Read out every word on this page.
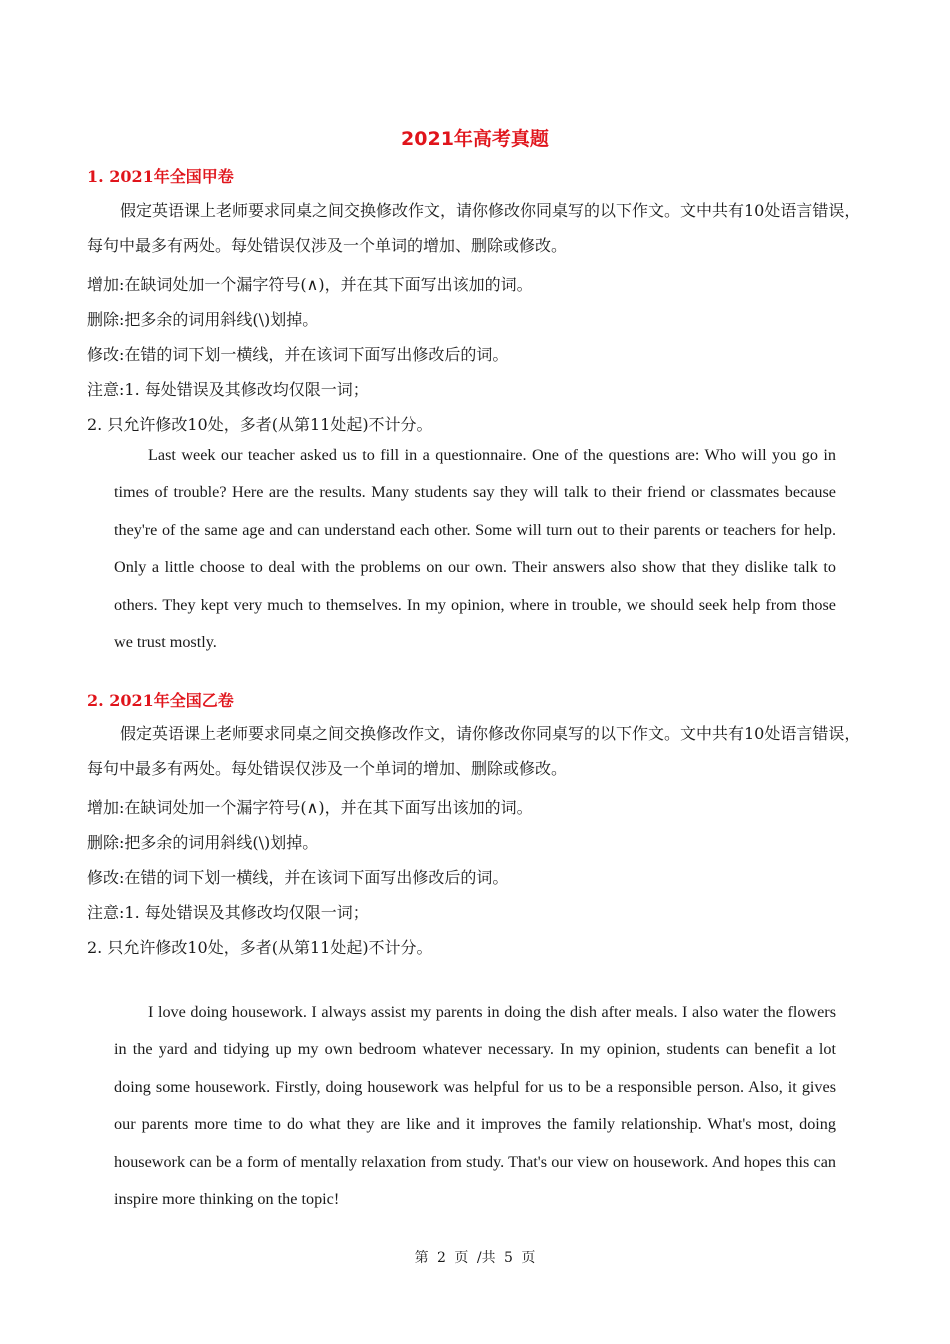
2021年高考真题
1. 2021年全国甲卷
假定英语课上老师要求同桌之间交换修改作文，请你修改你同桌写的以下作文。文中共有10处语言错误，每句中最多有两处。每处错误仅涉及一个单词的增加、删除或修改。
增加:在缺词处加一个漏字符号(∧)，并在其下面写出该加的词。
删除:把多余的词用斜线(\)划掉。
修改:在错的词下划一横线，并在该词下面写出修改后的词。
注意:1. 每处错误及其修改均仅限一词；
2. 只允许修改10处，多者(从第11处起)不计分。
Last week our teacher asked us to fill in a questionnaire. One of the questions are: Who will you go in times of trouble? Here are the results. Many students say they will talk to their friend or classmates because they're of the same age and can understand each other. Some will turn out to their parents or teachers for help. Only a little choose to deal with the problems on our own. Their answers also show that they dislike talk to others. They kept very much to themselves. In my opinion, where in trouble, we should seek help from those we trust mostly.
2. 2021年全国乙卷
假定英语课上老师要求同桌之间交换修改作文，请你修改你同桌写的以下作文。文中共有10处语言错误，每句中最多有两处。每处错误仅涉及一个单词的增加、删除或修改。
增加:在缺词处加一个漏字符号(∧)，并在其下面写出该加的词。
删除:把多余的词用斜线(\)划掉。
修改:在错的词下划一横线，并在该词下面写出修改后的词。
注意:1. 每处错误及其修改均仅限一词；
2. 只允许修改10处，多者(从第11处起)不计分。
I love doing housework. I always assist my parents in doing the dish after meals. I also water the flowers in the yard and tidying up my own bedroom whatever necessary. In my opinion, students can benefit a lot doing some housework. Firstly, doing housework was helpful for us to be a responsible person. Also, it gives our parents more time to do what they are like and it improves the family relationship. What's most, doing housework can be a form of mentally relaxation from study. That's our view on housework. And hopes this can inspire more thinking on the topic!
第 2 页 /共 5 页
